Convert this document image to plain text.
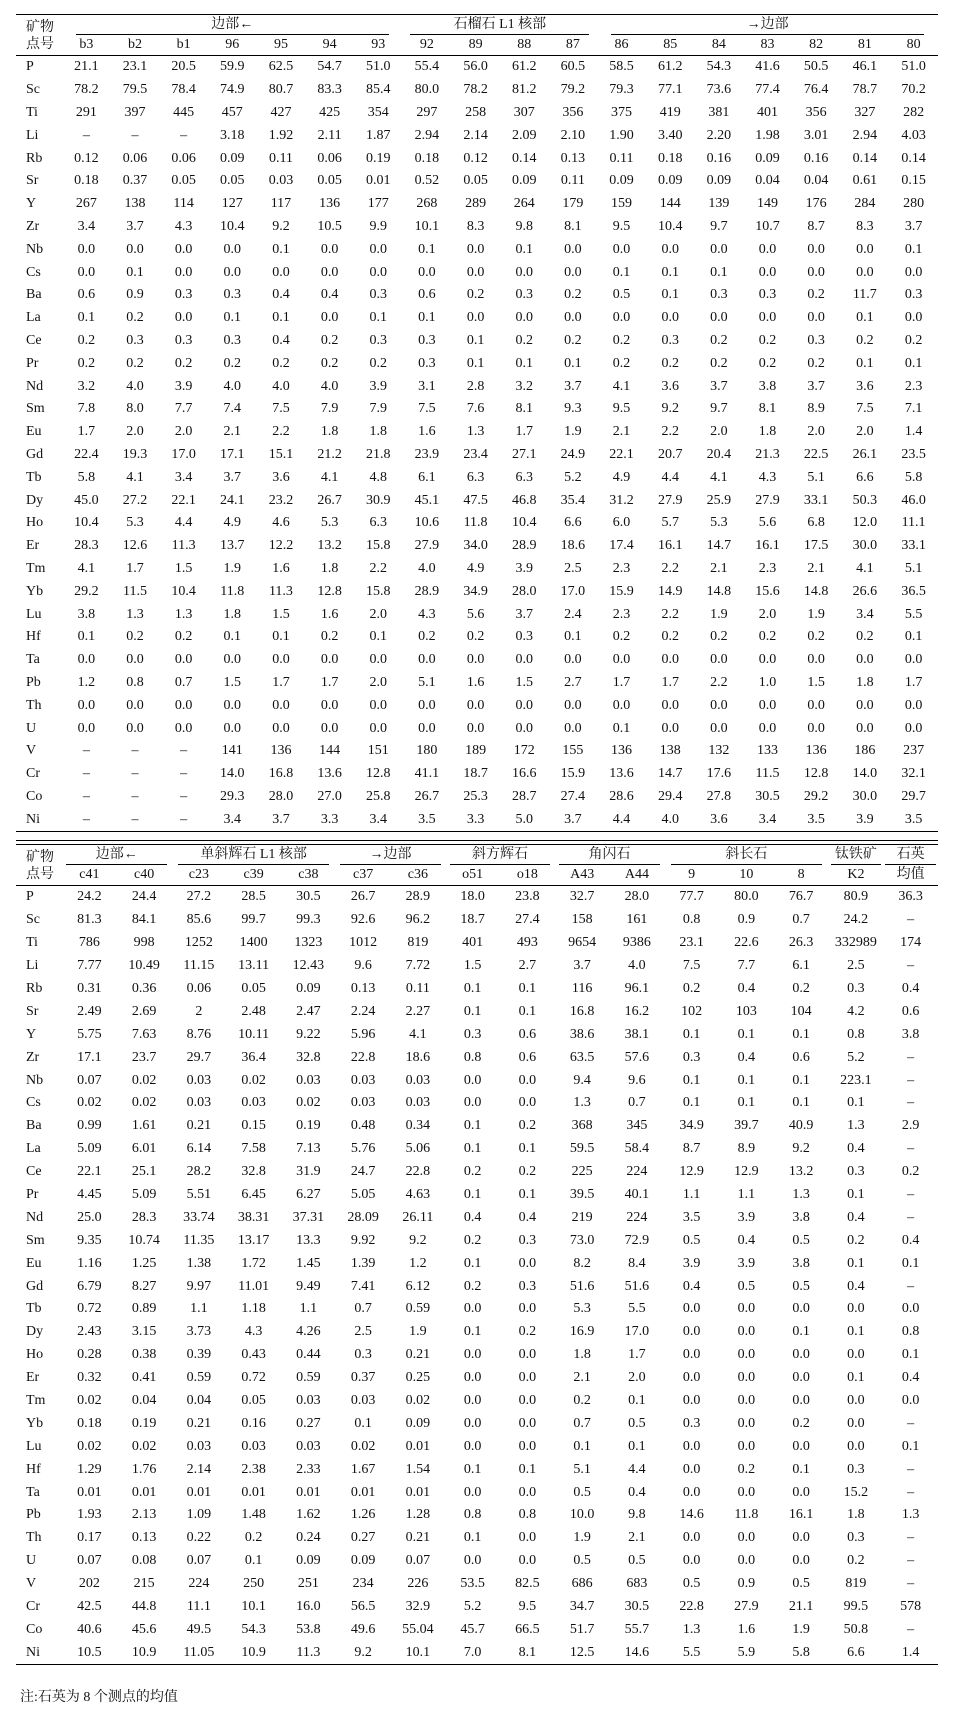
矿物	边部←							石榴石 L1 核部				→边部						
点号	b3	b2	b1	96	95	94	93	92	89	88	87	86	85	84	83	82	81	80
P	21.1	23.1	20.5	59.9	62.5	54.7	51.0	55.4	56.0	61.2	60.5	58.5	61.2	54.3	41.6	50.5	46.1	51.0
Sc	78.2	79.5	78.4	74.9	80.7	83.3	85.4	80.0	78.2	81.2	79.2	79.3	77.1	73.6	77.4	76.4	78.7	70.2
Ti	291	397	445	457	427	425	354	297	258	307	356	375	419	381	401	356	327	282
Li	–	–	–	3.18	1.92	2.11	1.87	2.94	2.14	2.09	2.10	1.90	3.40	2.20	1.98	3.01	2.94	4.03
Rb	0.12	0.06	0.06	0.09	0.11	0.06	0.19	0.18	0.12	0.14	0.13	0.11	0.18	0.16	0.09	0.16	0.14	0.14
Sr	0.18	0.37	0.05	0.05	0.03	0.05	0.01	0.52	0.05	0.09	0.11	0.09	0.09	0.09	0.04	0.04	0.61	0.15
Y	267	138	114	127	117	136	177	268	289	264	179	159	144	139	149	176	284	280
Zr	3.4	3.7	4.3	10.4	9.2	10.5	9.9	10.1	8.3	9.8	8.1	9.5	10.4	9.7	10.7	8.7	8.3	3.7
Nb	0.0	0.0	0.0	0.0	0.1	0.0	0.0	0.1	0.0	0.1	0.0	0.0	0.0	0.0	0.0	0.0	0.0	0.1
Cs	0.0	0.1	0.0	0.0	0.0	0.0	0.0	0.0	0.0	0.0	0.0	0.1	0.1	0.1	0.0	0.0	0.0	0.0
Ba	0.6	0.9	0.3	0.3	0.4	0.4	0.3	0.6	0.2	0.3	0.2	0.5	0.1	0.3	0.3	0.2	11.7	0.3
La	0.1	0.2	0.0	0.1	0.1	0.0	0.1	0.1	0.0	0.0	0.0	0.0	0.0	0.0	0.0	0.0	0.1	0.0
Ce	0.2	0.3	0.3	0.3	0.4	0.2	0.3	0.3	0.1	0.2	0.2	0.2	0.3	0.2	0.2	0.3	0.2	0.2
Pr	0.2	0.2	0.2	0.2	0.2	0.2	0.2	0.3	0.1	0.1	0.1	0.2	0.2	0.2	0.2	0.2	0.1	0.1
Nd	3.2	4.0	3.9	4.0	4.0	4.0	3.9	3.1	2.8	3.2	3.7	4.1	3.6	3.7	3.8	3.7	3.6	2.3
Sm	7.8	8.0	7.7	7.4	7.5	7.9	7.9	7.5	7.6	8.1	9.3	9.5	9.2	9.7	8.1	8.9	7.5	7.1
Eu	1.7	2.0	2.0	2.1	2.2	1.8	1.8	1.6	1.3	1.7	1.9	2.1	2.2	2.0	1.8	2.0	2.0	1.4
Gd	22.4	19.3	17.0	17.1	15.1	21.2	21.8	23.9	23.4	27.1	24.9	22.1	20.7	20.4	21.3	22.5	26.1	23.5
Tb	5.8	4.1	3.4	3.7	3.6	4.1	4.8	6.1	6.3	6.3	5.2	4.9	4.4	4.1	4.3	5.1	6.6	5.8
Dy	45.0	27.2	22.1	24.1	23.2	26.7	30.9	45.1	47.5	46.8	35.4	31.2	27.9	25.9	27.9	33.1	50.3	46.0
Ho	10.4	5.3	4.4	4.9	4.6	5.3	6.3	10.6	11.8	10.4	6.6	6.0	5.7	5.3	5.6	6.8	12.0	11.1
Er	28.3	12.6	11.3	13.7	12.2	13.2	15.8	27.9	34.0	28.9	18.6	17.4	16.1	14.7	16.1	17.5	30.0	33.1
Tm	4.1	1.7	1.5	1.9	1.6	1.8	2.2	4.0	4.9	3.9	2.5	2.3	2.2	2.1	2.3	2.1	4.1	5.1
Yb	29.2	11.5	10.4	11.8	11.3	12.8	15.8	28.9	34.9	28.0	17.0	15.9	14.9	14.8	15.6	14.8	26.6	36.5
Lu	3.8	1.3	1.3	1.8	1.5	1.6	2.0	4.3	5.6	3.7	2.4	2.3	2.2	1.9	2.0	1.9	3.4	5.5
Hf	0.1	0.2	0.2	0.1	0.1	0.2	0.1	0.2	0.2	0.3	0.1	0.2	0.2	0.2	0.2	0.2	0.2	0.1
Ta	0.0	0.0	0.0	0.0	0.0	0.0	0.0	0.0	0.0	0.0	0.0	0.0	0.0	0.0	0.0	0.0	0.0	0.0
Pb	1.2	0.8	0.7	1.5	1.7	1.7	2.0	5.1	1.6	1.5	2.7	1.7	1.7	2.2	1.0	1.5	1.8	1.7
Th	0.0	0.0	0.0	0.0	0.0	0.0	0.0	0.0	0.0	0.0	0.0	0.0	0.0	0.0	0.0	0.0	0.0	0.0
U	0.0	0.0	0.0	0.0	0.0	0.0	0.0	0.0	0.0	0.0	0.0	0.1	0.0	0.0	0.0	0.0	0.0	0.0
V	–	–	–	141	136	144	151	180	189	172	155	136	138	132	133	136	186	237
Cr	–	–	–	14.0	16.8	13.6	12.8	41.1	18.7	16.6	15.9	13.6	14.7	17.6	11.5	12.8	14.0	32.1
Co	–	–	–	29.3	28.0	27.0	25.8	26.7	25.3	28.7	27.4	28.6	29.4	27.8	30.5	29.2	30.0	29.7
Ni	–	–	–	3.4	3.7	3.3	3.4	3.5	3.3	5.0	3.7	4.4	4.0	3.6	3.4	3.5	3.9	3.5
矿物	边部←		单斜辉石 L1 核部			→边部		斜方辉石		角闪石		斜长石			钛铁矿	石英
点号	c41	c40	c23	c39	c38	c37	c36	o51	o18	A43	A44	9	10	8	K2	均值
P	24.2	24.4	27.2	28.5	30.5	26.7	28.9	18.0	23.8	32.7	28.0	77.7	80.0	76.7	80.9	36.3
Sc	81.3	84.1	85.6	99.7	99.3	92.6	96.2	18.7	27.4	158	161	0.8	0.9	0.7	24.2	–
Ti	786	998	1252	1400	1323	1012	819	401	493	9654	9386	23.1	22.6	26.3	332989	174
Li	7.77	10.49	11.15	13.11	12.43	9.6	7.72	1.5	2.7	3.7	4.0	7.5	7.7	6.1	2.5	–
Rb	0.31	0.36	0.06	0.05	0.09	0.13	0.11	0.1	0.1	116	96.1	0.2	0.4	0.2	0.3	0.4
Sr	2.49	2.69	2	2.48	2.47	2.24	2.27	0.1	0.1	16.8	16.2	102	103	104	4.2	0.6
Y	5.75	7.63	8.76	10.11	9.22	5.96	4.1	0.3	0.6	38.6	38.1	0.1	0.1	0.1	0.8	3.8
Zr	17.1	23.7	29.7	36.4	32.8	22.8	18.6	0.8	0.6	63.5	57.6	0.3	0.4	0.6	5.2	–
Nb	0.07	0.02	0.03	0.02	0.03	0.03	0.03	0.0	0.0	9.4	9.6	0.1	0.1	0.1	223.1	–
Cs	0.02	0.02	0.03	0.03	0.02	0.03	0.03	0.0	0.0	1.3	0.7	0.1	0.1	0.1	0.1	–
Ba	0.99	1.61	0.21	0.15	0.19	0.48	0.34	0.1	0.2	368	345	34.9	39.7	40.9	1.3	2.9
La	5.09	6.01	6.14	7.58	7.13	5.76	5.06	0.1	0.1	59.5	58.4	8.7	8.9	9.2	0.4	–
Ce	22.1	25.1	28.2	32.8	31.9	24.7	22.8	0.2	0.2	225	224	12.9	12.9	13.2	0.3	0.2
Pr	4.45	5.09	5.51	6.45	6.27	5.05	4.63	0.1	0.1	39.5	40.1	1.1	1.1	1.3	0.1	–
Nd	25.0	28.3	33.74	38.31	37.31	28.09	26.11	0.4	0.4	219	224	3.5	3.9	3.8	0.4	–
Sm	9.35	10.74	11.35	13.17	13.3	9.92	9.2	0.2	0.3	73.0	72.9	0.5	0.4	0.5	0.2	0.4
Eu	1.16	1.25	1.38	1.72	1.45	1.39	1.2	0.1	0.0	8.2	8.4	3.9	3.9	3.8	0.1	0.1
Gd	6.79	8.27	9.97	11.01	9.49	7.41	6.12	0.2	0.3	51.6	51.6	0.4	0.5	0.5	0.4	–
Tb	0.72	0.89	1.1	1.18	1.1	0.7	0.59	0.0	0.0	5.3	5.5	0.0	0.0	0.0	0.0	0.0
Dy	2.43	3.15	3.73	4.3	4.26	2.5	1.9	0.1	0.2	16.9	17.0	0.0	0.0	0.1	0.1	0.8
Ho	0.28	0.38	0.39	0.43	0.44	0.3	0.21	0.0	0.0	1.8	1.7	0.0	0.0	0.0	0.0	0.1
Er	0.32	0.41	0.59	0.72	0.59	0.37	0.25	0.0	0.0	2.1	2.0	0.0	0.0	0.0	0.1	0.4
Tm	0.02	0.04	0.04	0.05	0.03	0.03	0.02	0.0	0.0	0.2	0.1	0.0	0.0	0.0	0.0	0.0
Yb	0.18	0.19	0.21	0.16	0.27	0.1	0.09	0.0	0.0	0.7	0.5	0.3	0.0	0.2	0.0	–
Lu	0.02	0.02	0.03	0.03	0.03	0.02	0.01	0.0	0.0	0.1	0.1	0.0	0.0	0.0	0.0	0.1
Hf	1.29	1.76	2.14	2.38	2.33	1.67	1.54	0.1	0.1	5.1	4.4	0.0	0.2	0.1	0.3	–
Ta	0.01	0.01	0.01	0.01	0.01	0.01	0.01	0.0	0.0	0.5	0.4	0.0	0.0	0.0	15.2	–
Pb	1.93	2.13	1.09	1.48	1.62	1.26	1.28	0.8	0.8	10.0	9.8	14.6	11.8	16.1	1.8	1.3
Th	0.17	0.13	0.22	0.2	0.24	0.27	0.21	0.1	0.0	1.9	2.1	0.0	0.0	0.0	0.3	–
U	0.07	0.08	0.07	0.1	0.09	0.09	0.07	0.0	0.0	0.5	0.5	0.0	0.0	0.0	0.2	–
V	202	215	224	250	251	234	226	53.5	82.5	686	683	0.5	0.9	0.5	819	–
Cr	42.5	44.8	11.1	10.1	16.0	56.5	32.9	5.2	9.5	34.7	30.5	22.8	27.9	21.1	99.5	578
Co	40.6	45.6	49.5	54.3	53.8	49.6	55.04	45.7	66.5	51.7	55.7	1.3	1.6	1.9	50.8	–
Ni	10.5	10.9	11.05	10.9	11.3	9.2	10.1	7.0	8.1	12.5	14.6	5.5	5.9	5.8	6.6	1.4
注:石英为 8 个测点的均值
